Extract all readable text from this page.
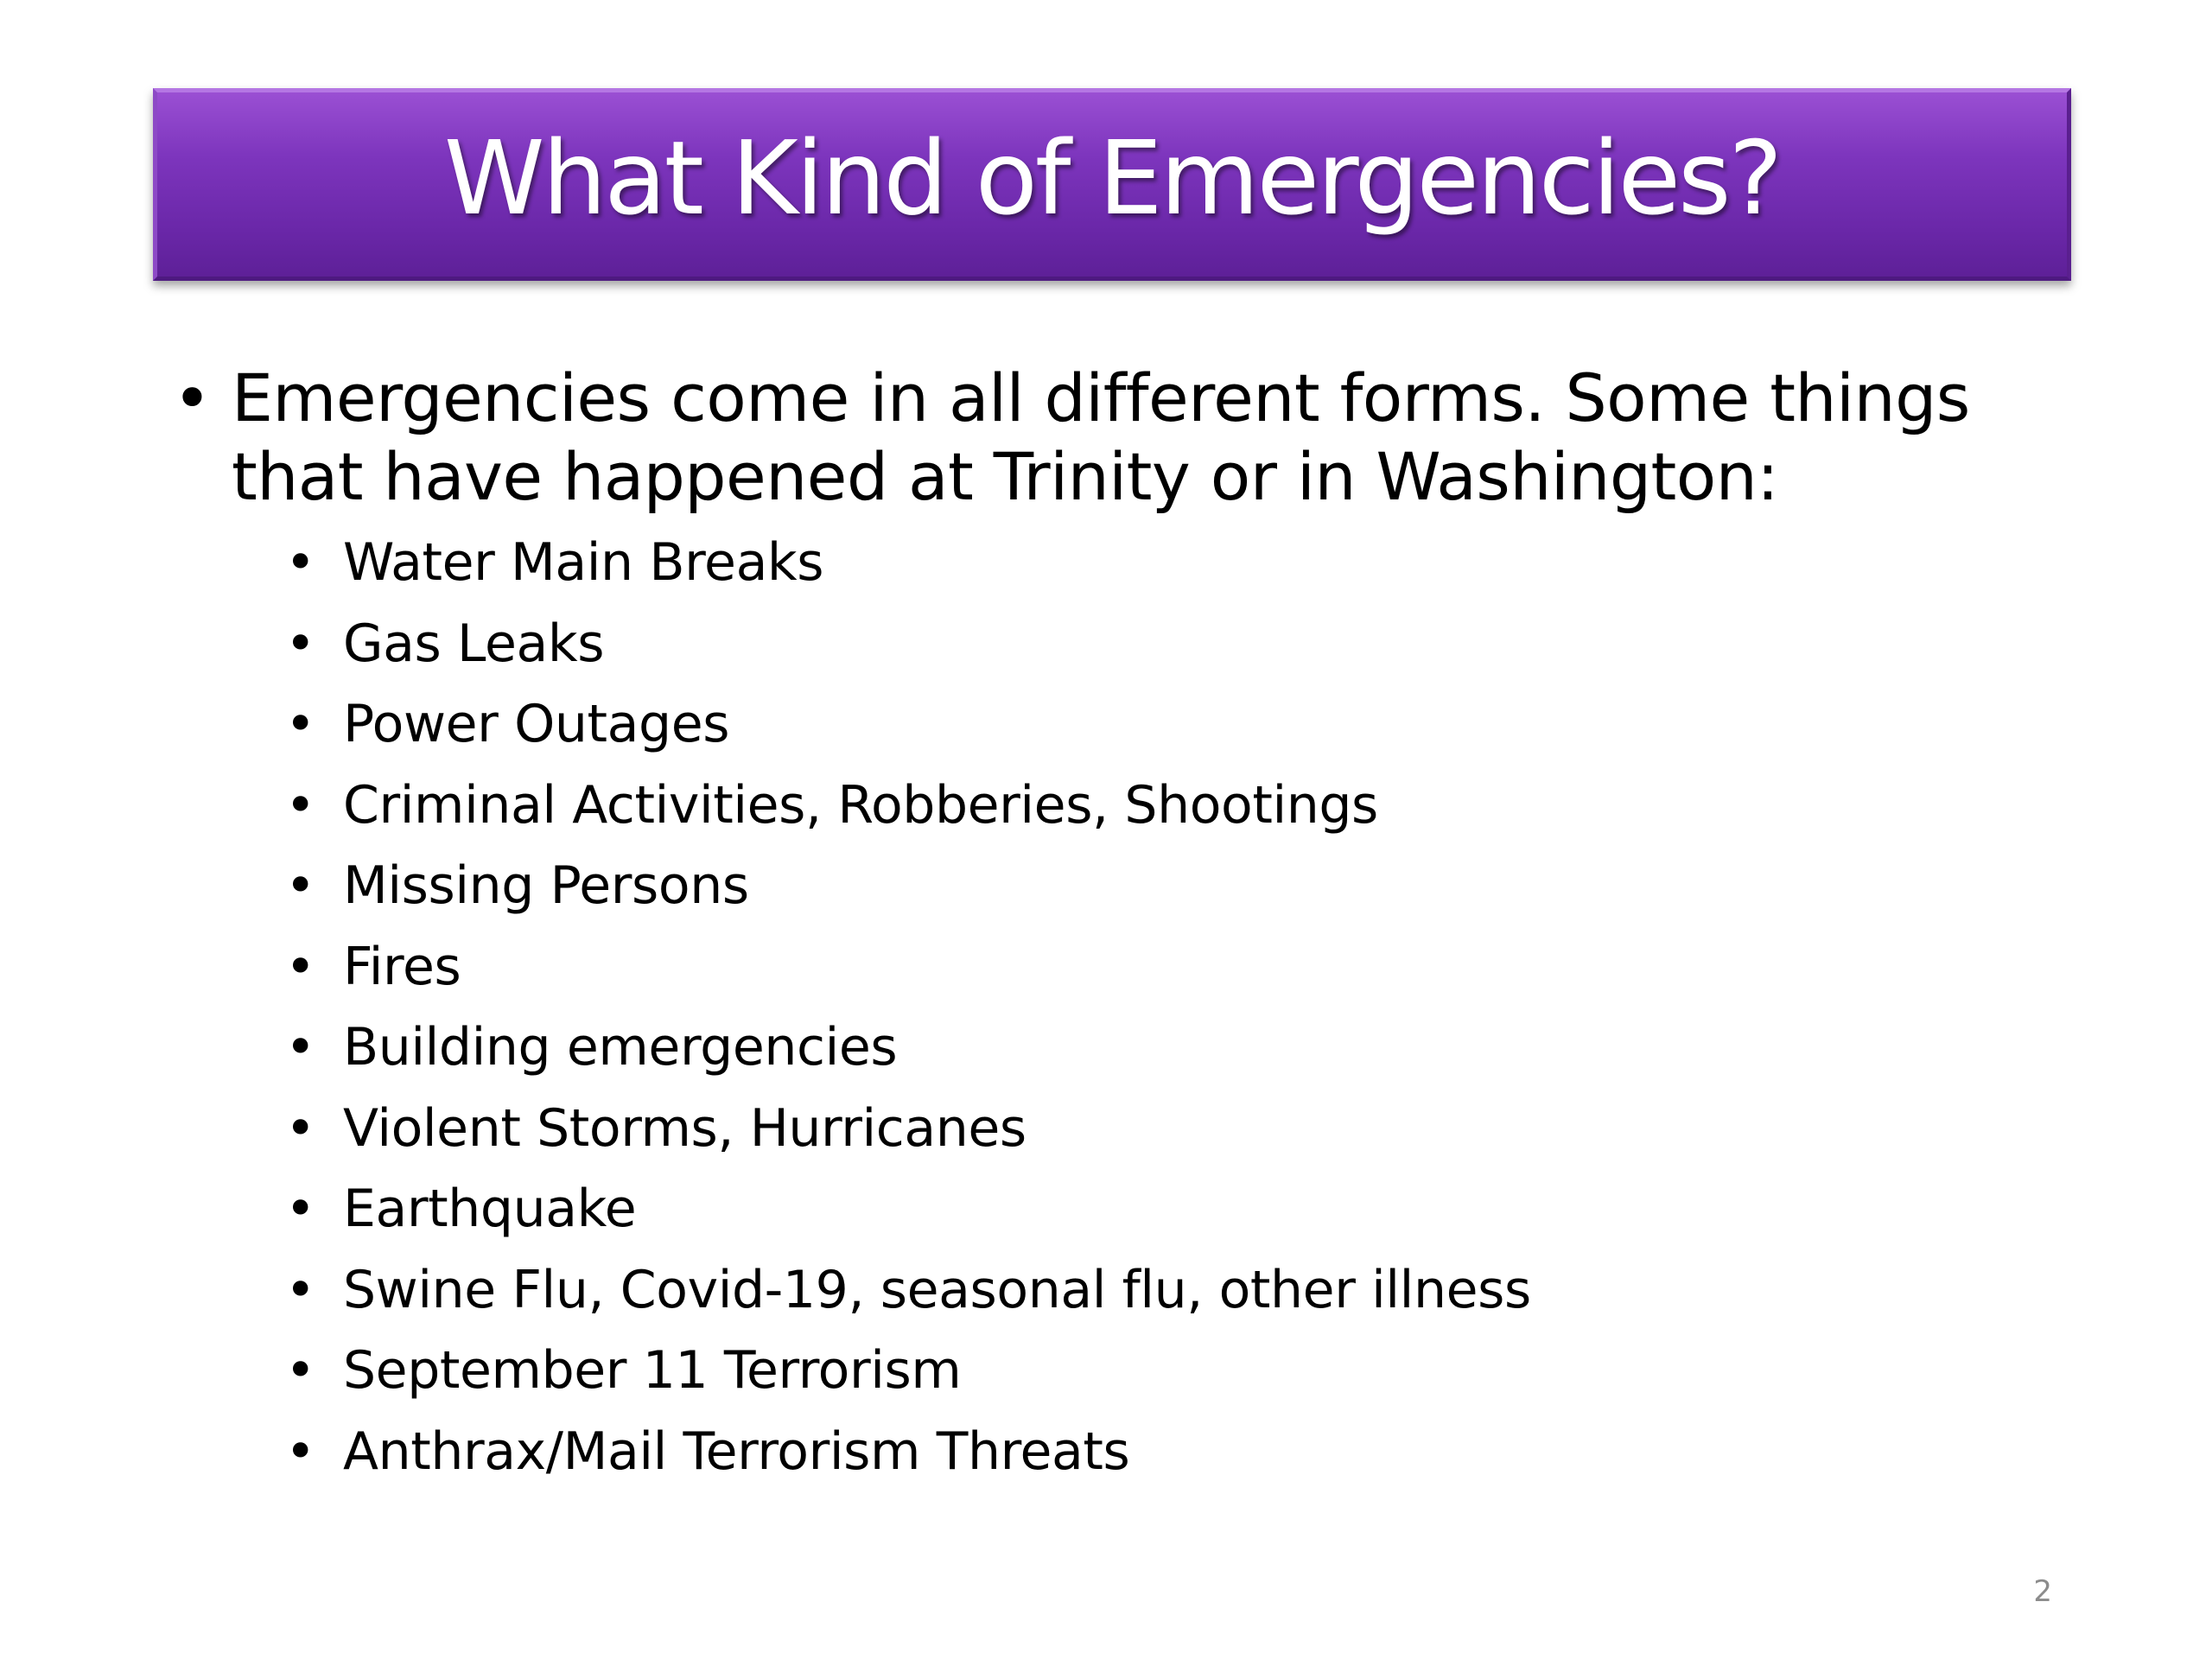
What Kind of Emergencies?
• Emergencies come in all different forms. Some things that have happened at Trinity or in Washington:
• Water Main Breaks
• Gas Leaks
• Power Outages
• Criminal Activities, Robberies, Shootings
• Missing Persons
• Fires
• Building emergencies
• Violent Storms, Hurricanes
• Earthquake
• Swine Flu, Covid-19, seasonal flu, other illness
• September 11 Terrorism
• Anthrax/Mail Terrorism Threats
2
